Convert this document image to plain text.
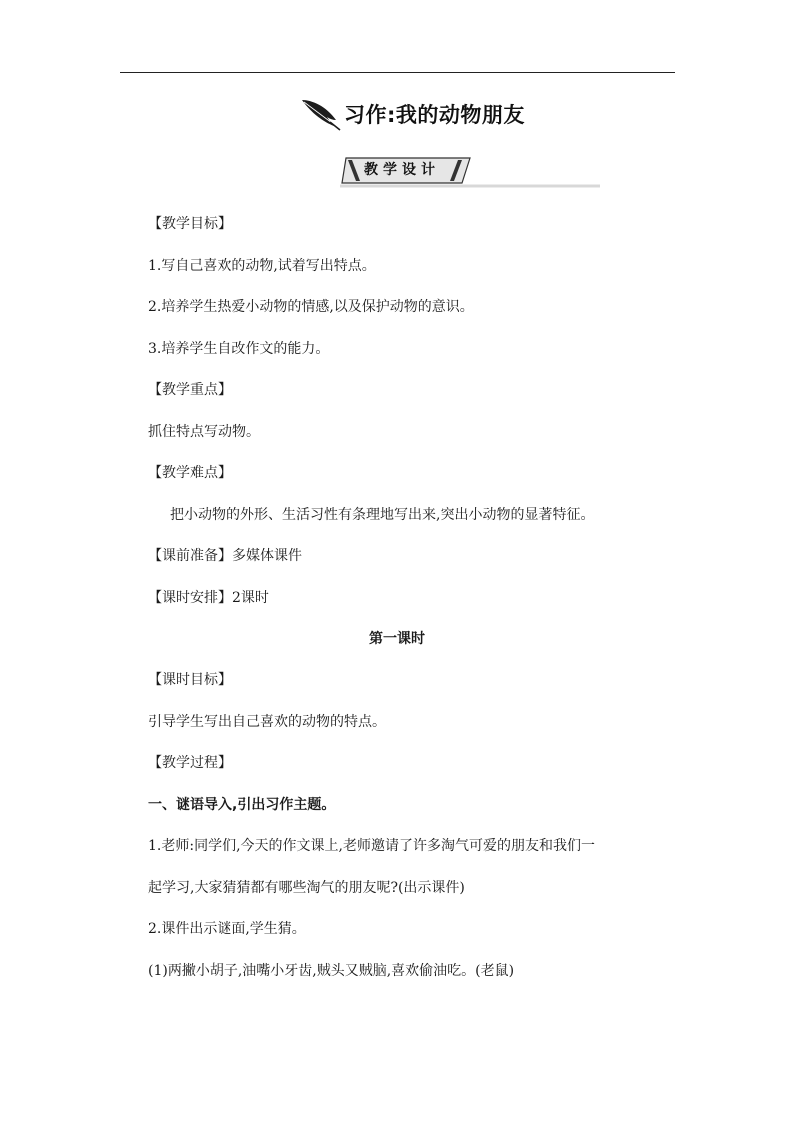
习作:我的动物朋友
教学设计
【教学目标】
1.写自己喜欢的动物,试着写出特点。
2.培养学生热爱小动物的情感,以及保护动物的意识。
3.培养学生自改作文的能力。
【教学重点】
抓住特点写动物。
【教学难点】
把小动物的外形、生活习性有条理地写出来,突出小动物的显著特征。
【课前准备】多媒体课件
【课时安排】2课时
第一课时
【课时目标】
引导学生写出自己喜欢的动物的特点。
【教学过程】
一、谜语导入,引出习作主题。
1.老师:同学们,今天的作文课上,老师邀请了许多淘气可爱的朋友和我们一
起学习,大家猜猜都有哪些淘气的朋友呢?(出示课件)
2.课件出示谜面,学生猜。
(1)两撇小胡子,油嘴小牙齿,贼头又贼脑,喜欢偷油吃。(老鼠)
